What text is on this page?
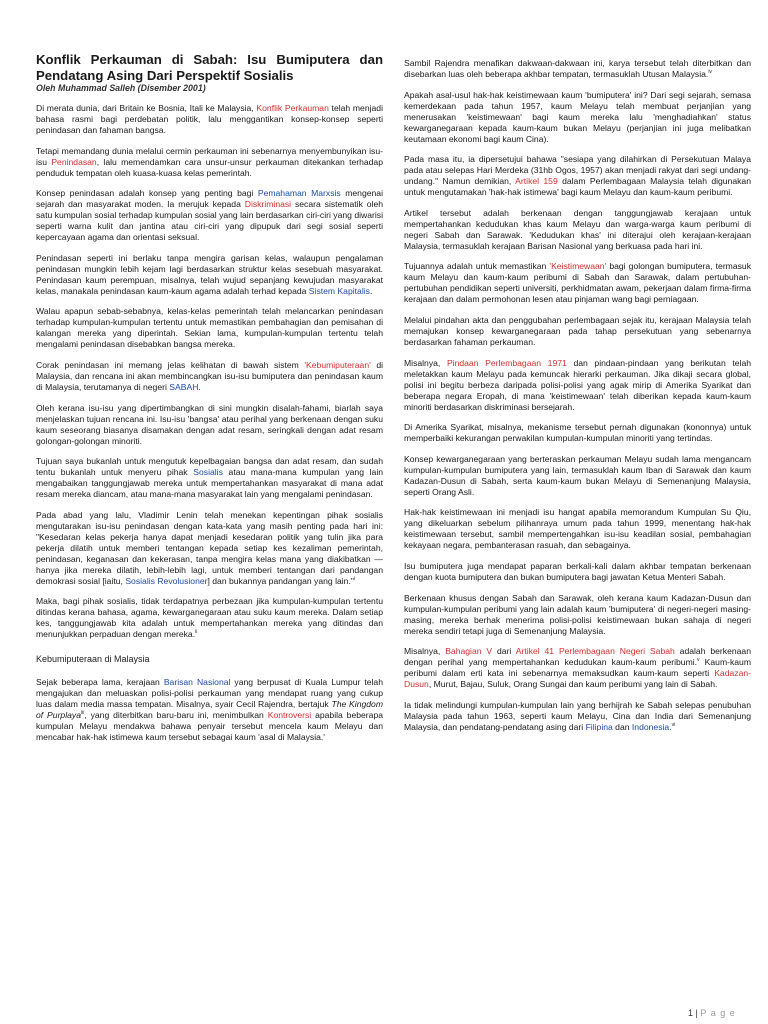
Konflik Perkauman di Sabah: Isu Bumiputera dan Pendatang Asing Dari Perspektif Sosialis
Oleh Muhammad Salleh (Disember 2001)

Di merata dunia, dari Britain ke Bosnia, Itali ke Malaysia, Konflik Perkauman telah menjadi bahasa rasmi bagi perdebatan politik, lalu menggantikan konsep-konsep seperti penindasan dan fahaman bangsa.

Tetapi memandang dunia melalui cermin perkauman ini sebenarnya menyembunyikan isu-isu Penindasan, lalu memendamkan cara unsur-unsur perkauman ditekankan terhadap penduduk tempatan oleh kuasa-kuasa kelas pemerintah.

Konsep penindasan adalah konsep yang penting bagi Pemahaman Marxsis mengenai sejarah dan masyarakat moden. Ia merujuk kepada Diskriminasi secara sistematik oleh satu kumpulan sosial terhadap kumpulan sosial yang lain berdasarkan ciri-ciri yang diwarisi seperti warna kulit dan jantina atau ciri-ciri yang dipupuk dari segi sosial seperti kepercayaan agama dan orientasi seksual.

Penindasan seperti ini berlaku tanpa mengira garisan kelas, walaupun pengalaman penindasan mungkin lebih kejam lagi berdasarkan struktur kelas sesebuah masyarakat. Penindasan kaum perempuan, misalnya, telah wujud sepanjang kewujudan masyarakat kelas, manakala penindasan kaum-kaum agama adalah terhad kepada Sistem Kapitalis.

Walau apapun sebab-sebabnya, kelas-kelas pemerintah telah melancarkan penindasan terhadap kumpulan-kumpulan tertentu untuk memastikan pembahagian dan pemisahan di kalangan mereka yang diperintah. Sekian lama, kumpulan-kumpulan tertentu telah mengalami penindasan disebabkan bangsa mereka.

Corak penindasan ini memang jelas kelihatan di bawah sistem 'Kebumiputeraan' di Malaysia, dan rencana ini akan membincangkan isu-isu bumiputera dan penindasan kaum di Malaysia, terutamanya di negeri SABAH.

Oleh kerana isu-isu yang dipertimbangkan di sini mungkin disalah-fahami, biarlah saya menjelaskan tujuan rencana ini. Isu-isu 'bangsa' atau perihal yang berkenaan dengan suku kaum seseorang biasanya disamakan dengan adat resam, seringkali dengan adat resam golongan-golongan minoriti.

Tujuan saya bukanlah untuk mengutuk kepelbagaian bangsa dan adat resam, dan sudah tentu bukanlah untuk menyeru pihak Sosialis atau mana-mana kumpulan yang lain mengabaikan tanggungjawab mereka untuk mempertahankan masyarakat di mana adat resam mereka diancam, atau mana-mana masyarakat lain yang mengalami penindasan.

Pada abad yang lalu, Vladimir Lenin telah menekan kepentingan pihak sosialis mengutarakan isu-isu penindasan dengan kata-kata yang masih penting pada hari ini: "Kesedaran kelas pekerja hanya dapat menjadi kesedaran politik yang tulin jika para pekerja dilatih untuk memberi tentangan kepada setiap kes kezaliman pemerintah, penindasan, keganasan dan kekerasan, tanpa mengira kelas mana yang diakibatkan — hanya jika mereka dilatih, lebih-lebih lagi, untuk memberi tentangan dari pandangan demokrasi sosial [iaitu, Sosialis Revolusioner] dan bukannya pandangan yang lain."$^i$

Maka, bagi pihak sosialis, tidak terdapatnya perbezaan jika kumpulan-kumpulan tertentu ditindas kerana bahasa, agama, kewarganegaraan atau suku kaum mereka. Dalam setiap kes, tanggungjawab kita adalah untuk mempertahankan mereka yang ditindas dan menunjukkan perpaduan dengan mereka.$^{ii}$

Kebumiputeraan di Malaysia

Sejak beberapa lama, kerajaan Barisan Nasional yang berpusat di Kuala Lumpur telah mengajukan dan meluaskan polisi-polisi perkauman yang mendapat ruang yang cukup luas dalam media massa tempatan. Misalnya, syair Cecil Rajendra, bertajuk The Kingdom of Purplaya$^{iii}$, yang diterbitkan baru-baru ini, menimbulkan Kontroversi apabila beberapa kumpulan Melayu mendakwa bahawa penyair tersebut mencela kaum Melayu dan mencabar hak-hak istimewa kaum tersebut sebagai kaum 'asal di Malaysia.'

Sambil Rajendra menafikan dakwaan-dakwaan ini, karya tersebut telah diterbitkan dan disebarkan luas oleh beberapa akhbar tempatan, termasuklah Utusan Malaysia.$^{iv}$

Apakah asal-usul hak-hak keistimewaan kaum 'bumiputera' ini? Dari segi sejarah, semasa kemerdekaan pada tahun 1957, kaum Melayu telah membuat perjanjian yang menerusakan 'keistimewaan' bagi kaum mereka lalu 'menghadiahkan' status kewarganegaraan kepada kaum-kaum bukan Melayu (perjanjian ini juga melibatkan keutamaan ekonomi bagi kaum Cina).

Pada masa itu, ia dipersetujui bahawa "sesiapa yang dilahirkan di Persekutuan Malaya pada atau selepas Hari Merdeka (31hb Ogos, 1957) akan menjadi rakyat dari segi undang-undang." Namun demikian, Artikel 159 dalam Perlembagaan Malaysia telah digunakan untuk mengutamakan 'hak-hak istimewa' bagi kaum Melayu dan kaum-kaum peribumi.

Artikel tersebut adalah berkenaan dengan tanggungjawab kerajaan untuk mempertahankan kedudukan khas kaum Melayu dan warga-warga kaum peribumi di negeri Sabah dan Sarawak. 'Kedudukan khas' ini diterajui oleh kerajaan-kerajaan Malaysia, termasuklah kerajaan Barisan Nasional yang berkuasa pada hari ini.

Tujuannya adalah untuk memastikan 'Keistimewaan' bagi golongan bumiputera, termasuk kaum Melayu dan kaum-kaum peribumi di Sabah dan Sarawak, dalam pertubuhan-pertubuhan pendidikan seperti universiti, perkhidmatan awam, pekerjaan dalam firma-firma kerajaan dan dalam permohonan lesen atau pinjaman wang bagi perniagaan.

Melalui pindahan akta dan penggubahan perlembagaan sejak itu, kerajaan Malaysia telah memajukan konsep kewarganegaraan pada tahap persekutuan yang sebenarnya berdasarkan fahaman perkauman.

Misalnya, Pindaan Perlembagaan 1971 dan pindaan-pindaan yang berikutan telah meletakkan kaum Melayu pada kemuncak hierarki perkauman. Jika dikaji secara global, polisi ini begitu berbeza daripada polisi-polisi yang agak mirip di Amerika Syarikat dan beberapa negara Eropah, di mana 'keistimewaan' telah diberikan kepada kaum-kaum minoriti berdasarkan diskriminasi bersejarah.

Di Amerika Syarikat, misalnya, mekanisme tersebut pernah digunakan (kononnya) untuk memperbaiki kekurangan perwakilan kumpulan-kumpulan minoriti yang tertindas.

Konsep kewarganegaraan yang berteraskan perkauman Melayu sudah lama mengancam kumpulan-kumpulan bumiputera yang lain, termasuklah kaum Iban di Sarawak dan kaum Kadazan-Dusun di Sabah, serta kaum-kaum bukan Melayu di Semenanjung Malaysia, seperti Orang Asli.

Hak-hak keistimewaan ini menjadi isu hangat apabila memorandum Kumpulan Su Qiu, yang dikeluarkan sebelum pilihanraya umum pada tahun 1999, menentang hak-hak keistimewaan tersebut, sambil mempertengahkan isu-isu keadilan sosial, pembahagian kekayaan negara, pembanterasan rasuah, dan sebagainya.

Isu bumiputera juga mendapat paparan berkali-kali dalam akhbar tempatan berkenaan dengan kuota bumiputera dan bukan bumiputera bagi jawatan Ketua Menteri Sabah.

Berkenaan khusus dengan Sabah dan Sarawak, oleh kerana kaum Kadazan-Dusun dan kumpulan-kumpulan peribumi yang lain adalah kaum 'bumiputera' di negeri-negeri masing-masing, mereka berhak menerima polisi-polisi keistimewaan bukan sahaja di negeri mereka sendiri tetapi juga di Semenanjung Malaysia.

Misalnya, Bahagian V dari Artikel 41 Perlembagaan Negeri Sabah adalah berkenaan dengan perihal yang mempertahankan kedudukan kaum-kaum peribumi.$^v$ Kaum-kaum peribumi dalam erti kata ini sebenarnya memaksudkan kaum-kaum seperti Kadazan-Dusun, Murut, Bajau, Suluk, Orang Sungai dan kaum peribumi yang lain di Sabah.

Ia tidak melindungi kumpulan-kumpulan lain yang berhijrah ke Sabah selepas penubuhan Malaysia pada tahun 1963, seperti kaum Melayu, Cina dan India dari Semenanjung Malaysia, dan pendatang-pendatang asing dari Filipina dan Indonesia.$^{vi}$

1 | P a g e
